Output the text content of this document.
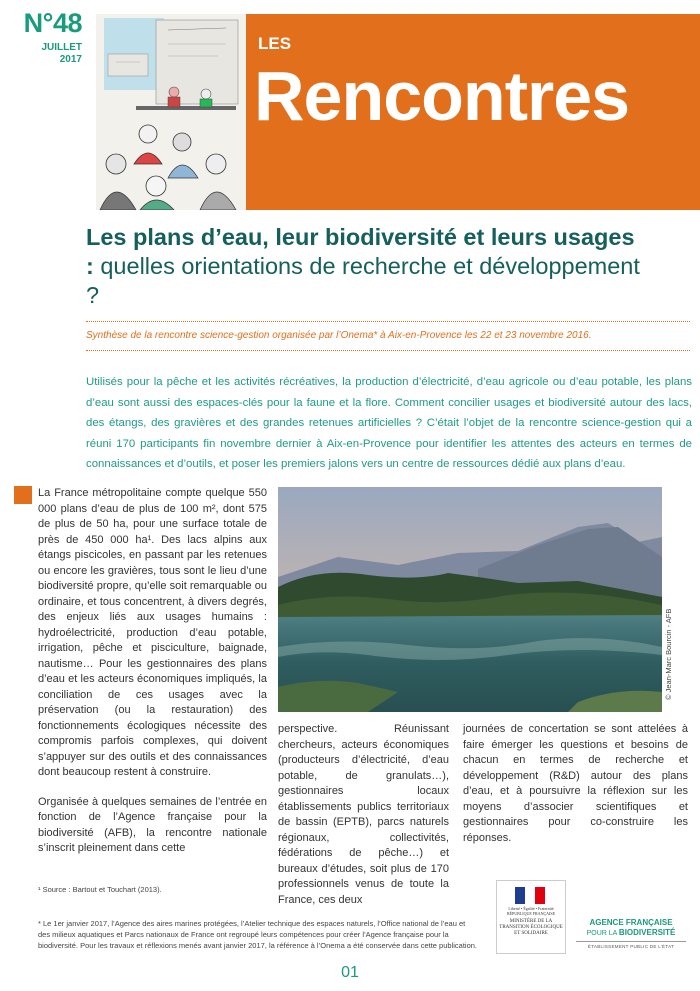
N°48
JUILLET
2017
LES
Rencontres
Les plans d’eau, leur biodiversité et leurs usages : quelles orientations de recherche et développement ?
Synthèse de la rencontre science-gestion organisée par l’Onema* à Aix-en-Provence les 22 et 23 novembre 2016.
Utilisés pour la pêche et les activités récréatives, la production d’électricité, d’eau agricole ou d’eau potable, les plans d’eau sont aussi des espaces-clés pour la faune et la flore. Comment concilier usages et biodiversité autour des lacs, des étangs, des gravières et des grandes retenues artificielles ? C’était l’objet de la rencontre science-gestion qui a réuni 170 participants fin novembre dernier à Aix-en-Provence pour identifier les attentes des acteurs en termes de connaissances et d’outils, et poser les premiers jalons vers un centre de ressources dédié aux plans d’eau.

La France métropolitaine compte quelque 550 000 plans d’eau de plus de 100 m², dont 575 de plus de 50 ha, pour une surface totale de près de 450 000 ha¹. Des lacs alpins aux étangs piscicoles, en passant par les retenues ou encore les gravières, tous sont le lieu d’une biodiversité propre, qu’elle soit remarquable ou ordinaire, et tous concentrent, à divers degrés, des enjeux liés aux usages humains : hydroélectricité, production d’eau potable, irrigation, pêche et pisciculture, baignade, nautisme… Pour les gestionnaires des plans d’eau et les acteurs économiques impliqués, la conciliation de ces usages avec la préservation (ou la restauration) des fonctionnements écologiques nécessite des compromis parfois complexes, qui doivent s’appuyer sur des outils et des connaissances dont beaucoup restent à construire.

Organisée à quelques semaines de l’entrée en fonction de l’Agence française pour la biodiversité (AFB), la rencontre nationale s’inscrit pleinement dans cette

© Jean-Marc Bourcin - AFB
perspective. Réunissant chercheurs, acteurs économiques (producteurs d’électricité, d’eau potable, de granulats…), gestionnaires locaux établissements publics territoriaux de bassin (EPTB), parcs naturels régionaux, collectivités, fédérations de pêche…) et bureaux d’études, soit plus de 170 professionnels venus de toute la France, ces deux
journées de concertation se sont attelées à faire émerger les questions et besoins de chacun en termes de recherche et développement (R&D) autour des plans d’eau, et à poursuivre la réflexion sur les moyens d’associer scientifiques et gestionnaires pour co-construire les réponses.
¹ Source : Bartout et Touchart (2013).
* Le 1er janvier 2017, l’Agence des aires marines protégées, l’Atelier technique des espaces naturels, l’Office national de l’eau et des milieux aquatiques et Parcs nationaux de France ont regroupé leurs compétences pour créer l’Agence française pour la biodiversité. Pour les travaux et réflexions menés avant janvier 2017, la référence à l’Onema a été conservée dans cette publication.
Liberté • Égalité • Fraternité
RÉPUBLIQUE FRANÇAISE
MINISTÈRE DE LA TRANSITION ÉCOLOGIQUE ET SOLIDAIRE
AGENCE FRANÇAISE
POUR LA BIODIVERSITÉ
ÉTABLISSEMENT PUBLIC DE L’ÉTAT
01
